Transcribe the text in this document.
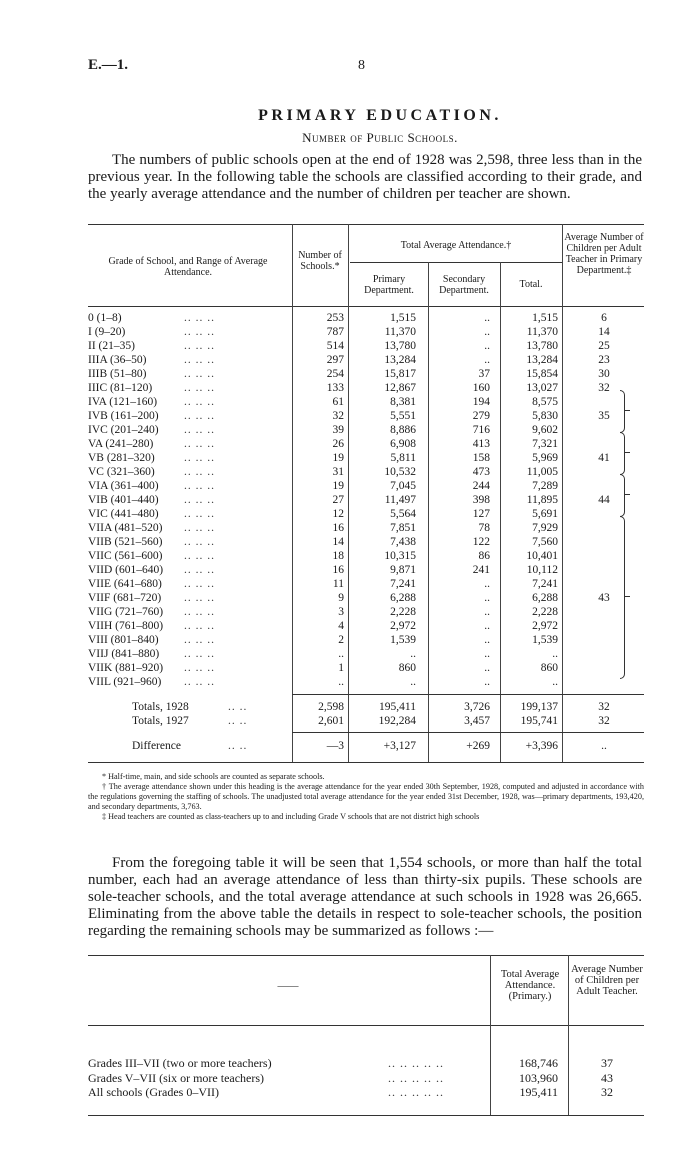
E.—1.	8
PRIMARY EDUCATION.
Number of Public Schools.
The numbers of public schools open at the end of 1928 was 2,598, three less than in the previous year. In the following table the schools are classified according to their grade, and the yearly average attendance and the number of children per teacher are shown.
Grade of School, and Range of Average Attendance.
Number of Schools.*
Total Average Attendance.†
Primary Department.
Secondary Department.
Total.
Average Number of Children per Adult Teacher in Primary Department.‡
0 (1–8)	.. .. ..	253	1,515	..	1,515	6
I (9–20)	.. .. ..	787	11,370	..	11,370	14
II (21–35)	.. .. ..	514	13,780	..	13,780	25
IIIA (36–50)	.. .. ..	297	13,284	..	13,284	23
IIIB (51–80)	.. .. ..	254	15,817	37	15,854	30
IIIC (81–120)	.. .. ..	133	12,867	160	13,027	32
IVA (121–160)	.. .. ..	61	8,381	194	8,575
IVB (161–200)	.. .. ..	32	5,551	279	5,830	35
IVC (201–240)	.. .. ..	39	8,886	716	9,602
VA (241–280)	.. .. ..	26	6,908	413	7,321
VB (281–320)	.. .. ..	19	5,811	158	5,969	41
VC (321–360)	.. .. ..	31	10,532	473	11,005
VIA (361–400)	.. .. ..	19	7,045	244	7,289
VIB (401–440)	.. .. ..	27	11,497	398	11,895	44
VIC (441–480)	.. .. ..	12	5,564	127	5,691
VIIA (481–520)	.. .. ..	16	7,851	78	7,929
VIIB (521–560)	.. .. ..	14	7,438	122	7,560
VIIC (561–600)	.. .. ..	18	10,315	86	10,401
VIID (601–640)	.. .. ..	16	9,871	241	10,112
VIIE (641–680)	.. .. ..	11	7,241	..	7,241
VIIF (681–720)	.. .. ..	9	6,288	..	6,288	43
VIIG (721–760)	.. .. ..	3	2,228	..	2,228
VIIH (761–800)	.. .. ..	4	2,972	..	2,972
VIII (801–840)	.. .. ..	2	1,539	..	1,539
VIIJ (841–880)	.. .. ..	..	..	..	..
VIIK (881–920)	.. .. ..	1	860	..	860
VIIL (921–960)	.. .. ..	..	..	..	..
Totals, 1928	.. ..	2,598	195,411	3,726	199,137	32
Totals, 1927	.. ..	2,601	192,284	3,457	195,741	32
Difference	.. ..	—3	+3,127	+269	+3,396	..
* Half-time, main, and side schools are counted as separate schools.
† The average attendance shown under this heading is the average attendance for the year ended 30th September, 1928, computed and adjusted in accordance with the regulations governing the staffing of schools. The unadjusted total average attendance for the year ended 31st December, 1928, was—primary departments, 193,420, and secondary departments, 3,763.
‡ Head teachers are counted as class-teachers up to and including Grade V schools that are not district high schools
From the foregoing table it will be seen that 1,554 schools, or more than half the total number, each had an average attendance of less than thirty-six pupils. These schools are sole-teacher schools, and the total average attendance at such schools in 1928 was 26,665. Eliminating from the above table the details in respect to sole-teacher schools, the position regarding the remaining schools may be summarized as follows :—
——
Total Average Attendance. (Primary.)
Average Number of Children per Adult Teacher.
Grades III–VII (two or more teachers)	.. .. .. .. ..	168,746	37
Grades V–VII (six or more teachers)	.. .. .. .. ..	103,960	43
All schools (Grades 0–VII)	.. .. .. .. ..	195,411	32
